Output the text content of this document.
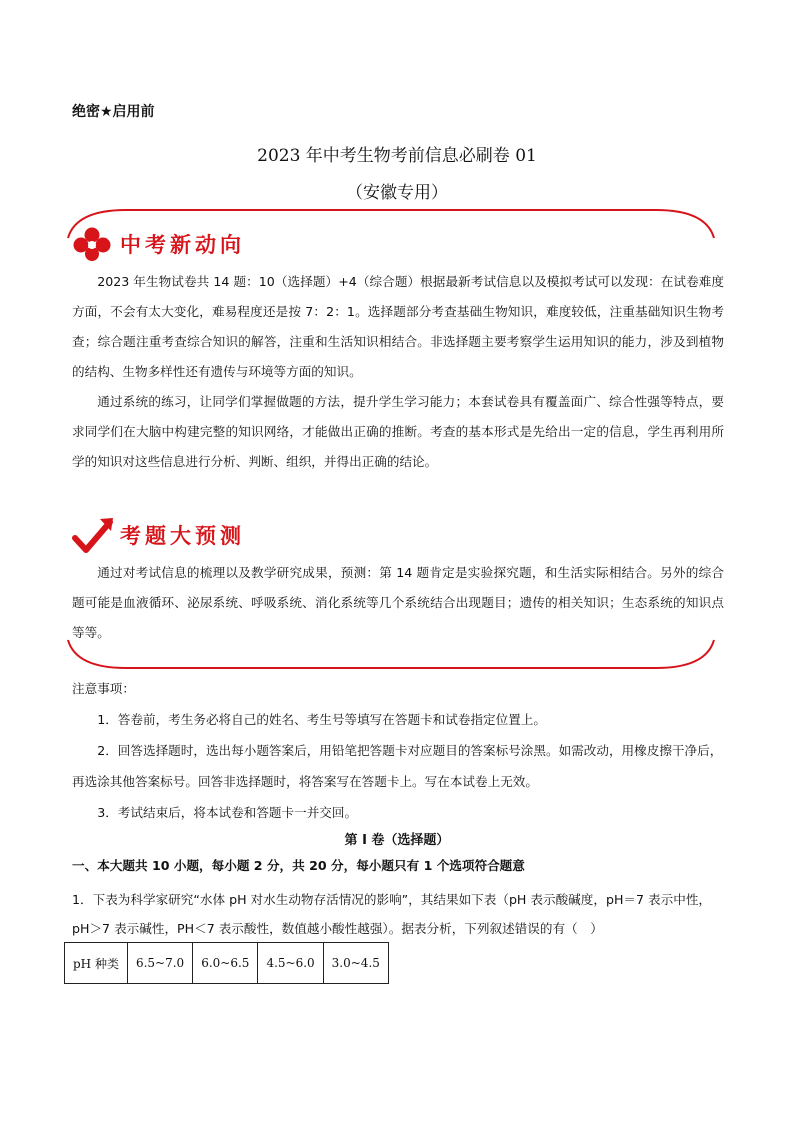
绝密★启用前
2023 年中考生物考前信息必刷卷 01
（安徽专用）
中考新动向

2023 年生物试卷共 14 题：10（选择题）+4（综合题）根据最新考试信息以及模拟考试可以发现：在试卷难度方面，不会有太大变化，难易程度还是按 7：2：1。选择题部分考查基础生物知识，难度较低，注重基础知识生物考查；综合题注重考查综合知识的解答，注重和生活知识相结合。非选择题主要考察学生运用知识的能力，涉及到植物的结构、生物多样性还有遗传与环境等方面的知识。

通过系统的练习，让同学们掌握做题的方法，提升学生学习能力；本套试卷具有覆盖面广、综合性强等特点，要求同学们在大脑中构建完整的知识网络，才能做出正确的推断。考查的基本形式是先给出一定的信息，学生再利用所学的知识对这些信息进行分析、判断、组织，并得出正确的结论。

考题大预测

通过对考试信息的梳理以及教学研究成果，预测：第 14 题肯定是实验探究题，和生活实际相结合。另外的综合题可能是血液循环、泌尿系统、呼吸系统、消化系统等几个系统结合出现题目；遗传的相关知识；生态系统的知识点等等。

注意事项：

1．答卷前，考生务必将自己的姓名、考生号等填写在答题卡和试卷指定位置上。

2．回答选择题时，选出每小题答案后，用铅笔把答题卡对应题目的答案标号涂黑。如需改动，用橡皮擦干净后，再选涂其他答案标号。回答非选择题时，将答案写在答题卡上。写在本试卷上无效。

3．考试结束后，将本试卷和答题卡一并交回。

第 I 卷（选择题）
一、本大题共 10 小题，每小题 2 分，共 20 分，每小题只有 1 个选项符合题意
1．下表为科学家研究“水体 pH 对水生动物存活情况的影响”，其结果如下表（pH 表示酸碱度，pH＝7 表示中性，pH＞7 表示碱性，PH＜7 表示酸性，数值越小酸性越强）。据表分析，下列叙述错误的有（　）
pH 种类	6.5~7.0	6.0~6.5	4.5~6.0	3.0~4.5
